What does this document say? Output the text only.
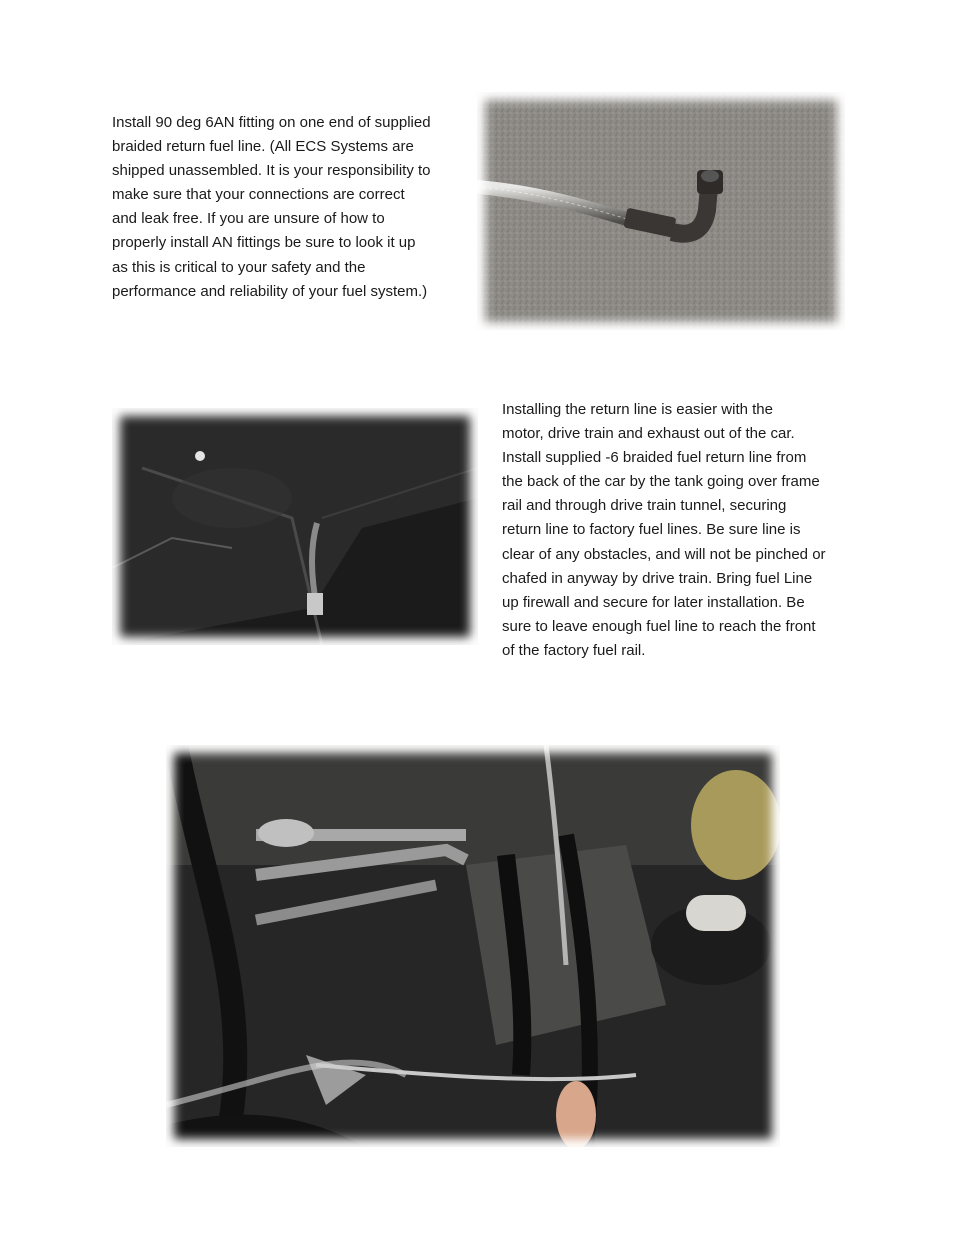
Install 90 deg 6AN fitting on one end of supplied
braided return fuel line. (All ECS Systems are
shipped unassembled. It is your responsibility to
make sure that your connections are correct
and leak free. If you are unsure of how to
properly install AN fittings be sure to look it up
as this is critical to your safety and the
performance and reliability of your fuel system.)
Installing the return line is easier with the
motor, drive train and exhaust out of the car.
Install supplied -6 braided fuel return line from
the back of the car by the tank going over frame
rail and through drive train tunnel, securing
return line to factory fuel lines. Be sure line is
clear of any obstacles, and will not be pinched or
chafed in anyway by drive train. Bring fuel Line
up firewall and secure for later installation. Be
sure to leave enough fuel line to reach the front
of the factory fuel rail.
